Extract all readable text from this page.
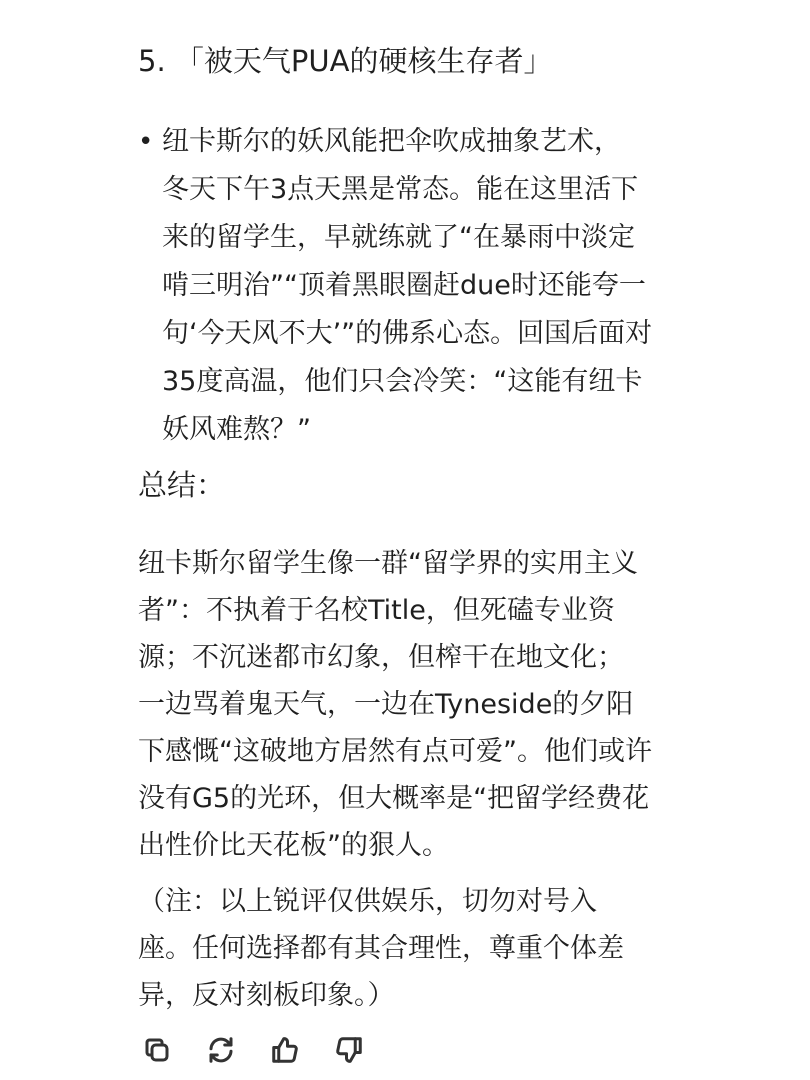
5. 「被天气PUA的硬核生存者」
• 纽卡斯尔的妖风能把伞吹成抽象艺术，
冬天下午3点天黑是常态。能在这里活下
来的留学生，早就练就了“在暴雨中淡定
啃三明治”“顶着黑眼圈赶due时还能夸一
句‘今天风不大’”的佛系心态。回国后面对
35度高温，他们只会冷笑：“这能有纽卡
妖风难熬？”
总结：
纽卡斯尔留学生像一群“留学界的实用主义
者”：不执着于名校Title，但死磕专业资
源；不沉迷都市幻象，但榨干在地文化；
一边骂着鬼天气，一边在Tyneside的夕阳
下感慨“这破地方居然有点可爱”。他们或许
没有G5的光环，但大概率是“把留学经费花
出性价比天花板”的狠人。
（注：以上锐评仅供娱乐，切勿对号入
座。任何选择都有其合理性，尊重个体差
异，反对刻板印象。）
